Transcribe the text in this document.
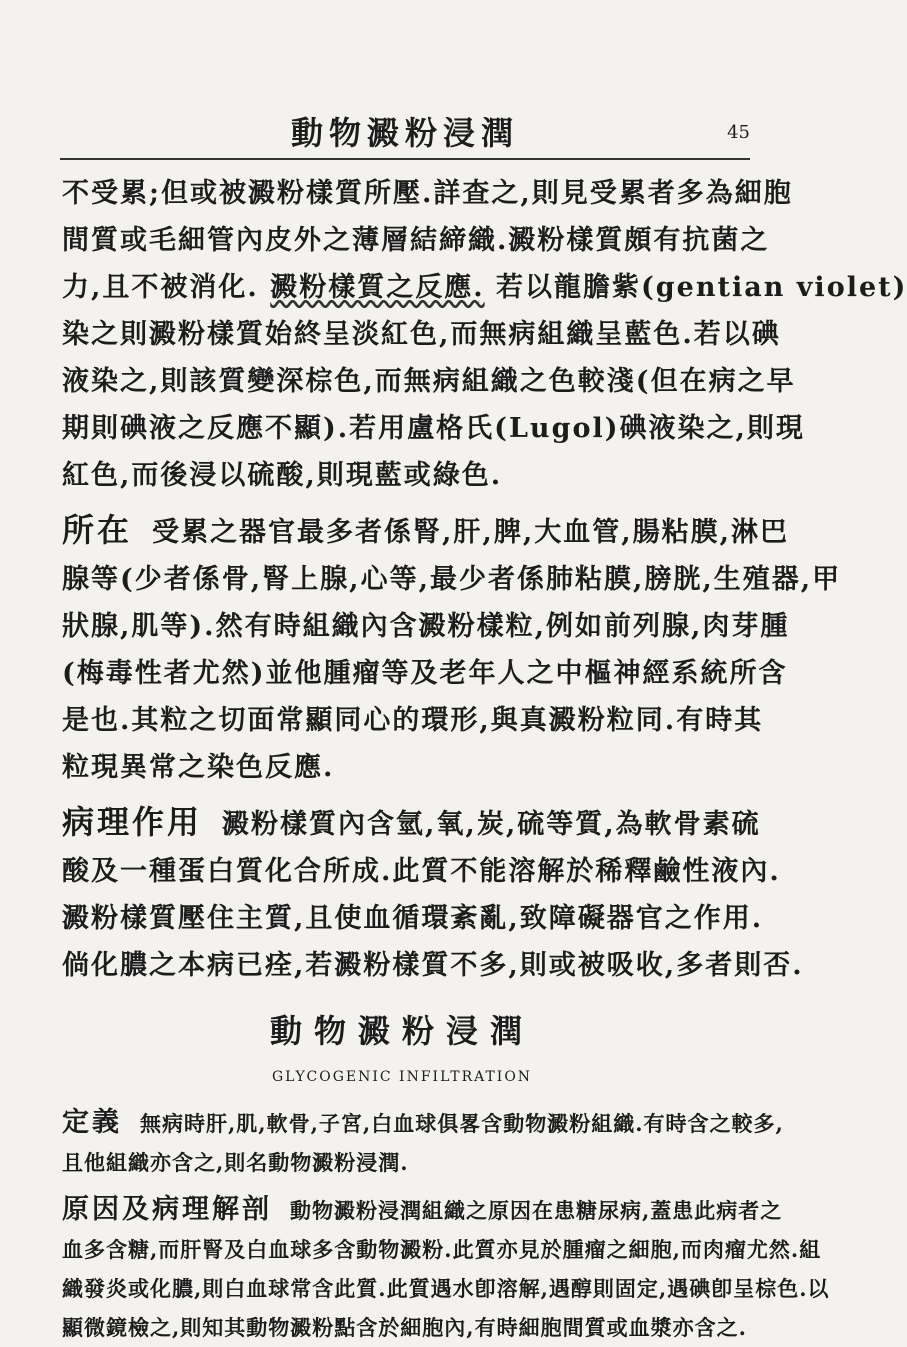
動物澱粉浸潤	45
不受累;但或被澱粉樣質所壓.詳查之,則見受累者多為細胞
間質或毛細管內皮外之薄層結締織.澱粉樣質頗有抗菌之
力,且不被消化. 澱粉樣質之反應. 若以龍膽紫(gentian violet)
染之則澱粉樣質始終呈淡紅色,而無病組織呈藍色.若以碘
液染之,則該質變深棕色,而無病組織之色較淺(但在病之早
期則碘液之反應不顯).若用盧格氏(Lugol)碘液染之,則現
紅色,而後浸以硫酸,則現藍或綠色.
所在 受累之器官最多者係腎,肝,脾,大血管,腸粘膜,淋巴
腺等(少者係骨,腎上腺,心等,最少者係肺粘膜,膀胱,生殖器,甲
狀腺,肌等).然有時組織內含澱粉樣粒,例如前列腺,肉芽腫
(梅毒性者尤然)並他腫瘤等及老年人之中樞神經系統所含
是也.其粒之切面常顯同心的環形,與真澱粉粒同.有時其
粒現異常之染色反應.
病理作用 澱粉樣質內含氫,氧,炭,硫等質,為軟骨素硫
酸及一種蛋白質化合所成.此質不能溶解於稀釋鹼性液內.
澱粉樣質壓住主質,且使血循環紊亂,致障礙器官之作用.
倘化膿之本病已痊,若澱粉樣質不多,則或被吸收,多者則否.
動物澱粉浸潤
GLYCOGENIC INFILTRATION
定義 無病時肝,肌,軟骨,子宮,白血球俱畧含動物澱粉組織.有時含之較多,
且他組織亦含之,則名動物澱粉浸潤.
原因及病理解剖 動物澱粉浸潤組織之原因在患糖尿病,蓋患此病者之
血多含糖,而肝腎及白血球多含動物澱粉.此質亦見於腫瘤之細胞,而肉瘤尤然.組
織發炎或化膿,則白血球常含此質.此質遇水卽溶解,遇醇則固定,遇碘卽呈棕色.以
顯微鏡檢之,則知其動物澱粉點含於細胞內,有時細胞間質或血漿亦含之.
